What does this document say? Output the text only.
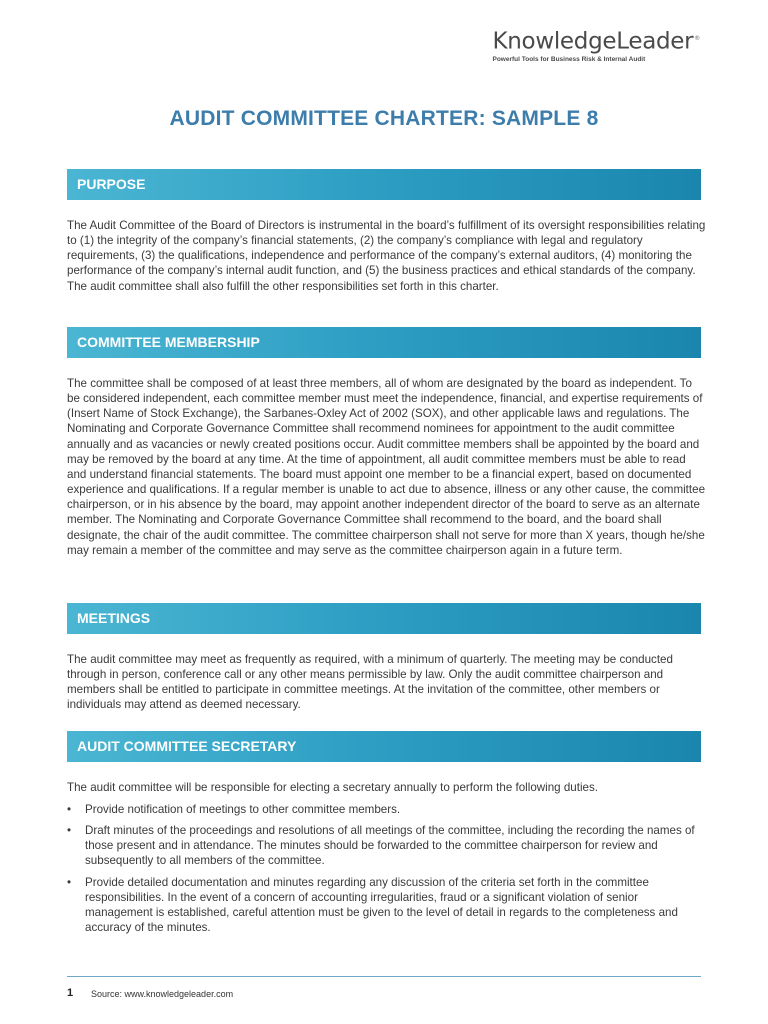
KnowledgeLeader®
Powerful Tools for Business Risk & Internal Audit
AUDIT COMMITTEE CHARTER: SAMPLE 8
PURPOSE

The Audit Committee of the Board of Directors is instrumental in the board’s fulfillment of its oversight responsibilities relating to (1) the integrity of the company’s financial statements, (2) the company’s compliance with legal and regulatory requirements, (3) the qualifications, independence and performance of the company’s external auditors, (4) monitoring the performance of the company’s internal audit function, and (5) the business practices and ethical standards of the company. The audit committee shall also fulfill the other responsibilities set forth in this charter.

COMMITTEE MEMBERSHIP

The committee shall be composed of at least three members, all of whom are designated by the board as independent. To be considered independent, each committee member must meet the independence, financial, and expertise requirements of (Insert Name of Stock Exchange), the Sarbanes-Oxley Act of 2002 (SOX), and other applicable laws and regulations. The Nominating and Corporate Governance Committee shall recommend nominees for appointment to the audit committee annually and as vacancies or newly created positions occur. Audit committee members shall be appointed by the board and may be removed by the board at any time. At the time of appointment, all audit committee members must be able to read and understand financial statements. The board must appoint one member to be a financial expert, based on documented experience and qualifications. If a regular member is unable to act due to absence, illness or any other cause, the committee chairperson, or in his absence by the board, may appoint another independent director of the board to serve as an alternate member. The Nominating and Corporate Governance Committee shall recommend to the board, and the board shall designate, the chair of the audit committee. The committee chairperson shall not serve for more than X years, though he/she may remain a member of the committee and may serve as the committee chairperson again in a future term.

MEETINGS

The audit committee may meet as frequently as required, with a minimum of quarterly. The meeting may be conducted through in person, conference call or any other means permissible by law. Only the audit committee chairperson and members shall be entitled to participate in committee meetings. At the invitation of the committee, other members or individuals may attend as deemed necessary.

AUDIT COMMITTEE SECRETARY

The audit committee will be responsible for electing a secretary annually to perform the following duties.

• Provide notification of meetings to other committee members.
• Draft minutes of the proceedings and resolutions of all meetings of the committee, including the recording the names of those present and in attendance. The minutes should be forwarded to the committee chairperson for review and subsequently to all members of the committee.
• Provide detailed documentation and minutes regarding any discussion of the criteria set forth in the committee responsibilities. In the event of a concern of accounting irregularities, fraud or a significant violation of senior management is established, careful attention must be given to the level of detail in regards to the completeness and accuracy of the minutes.
1 Source: www.knowledgeleader.com
